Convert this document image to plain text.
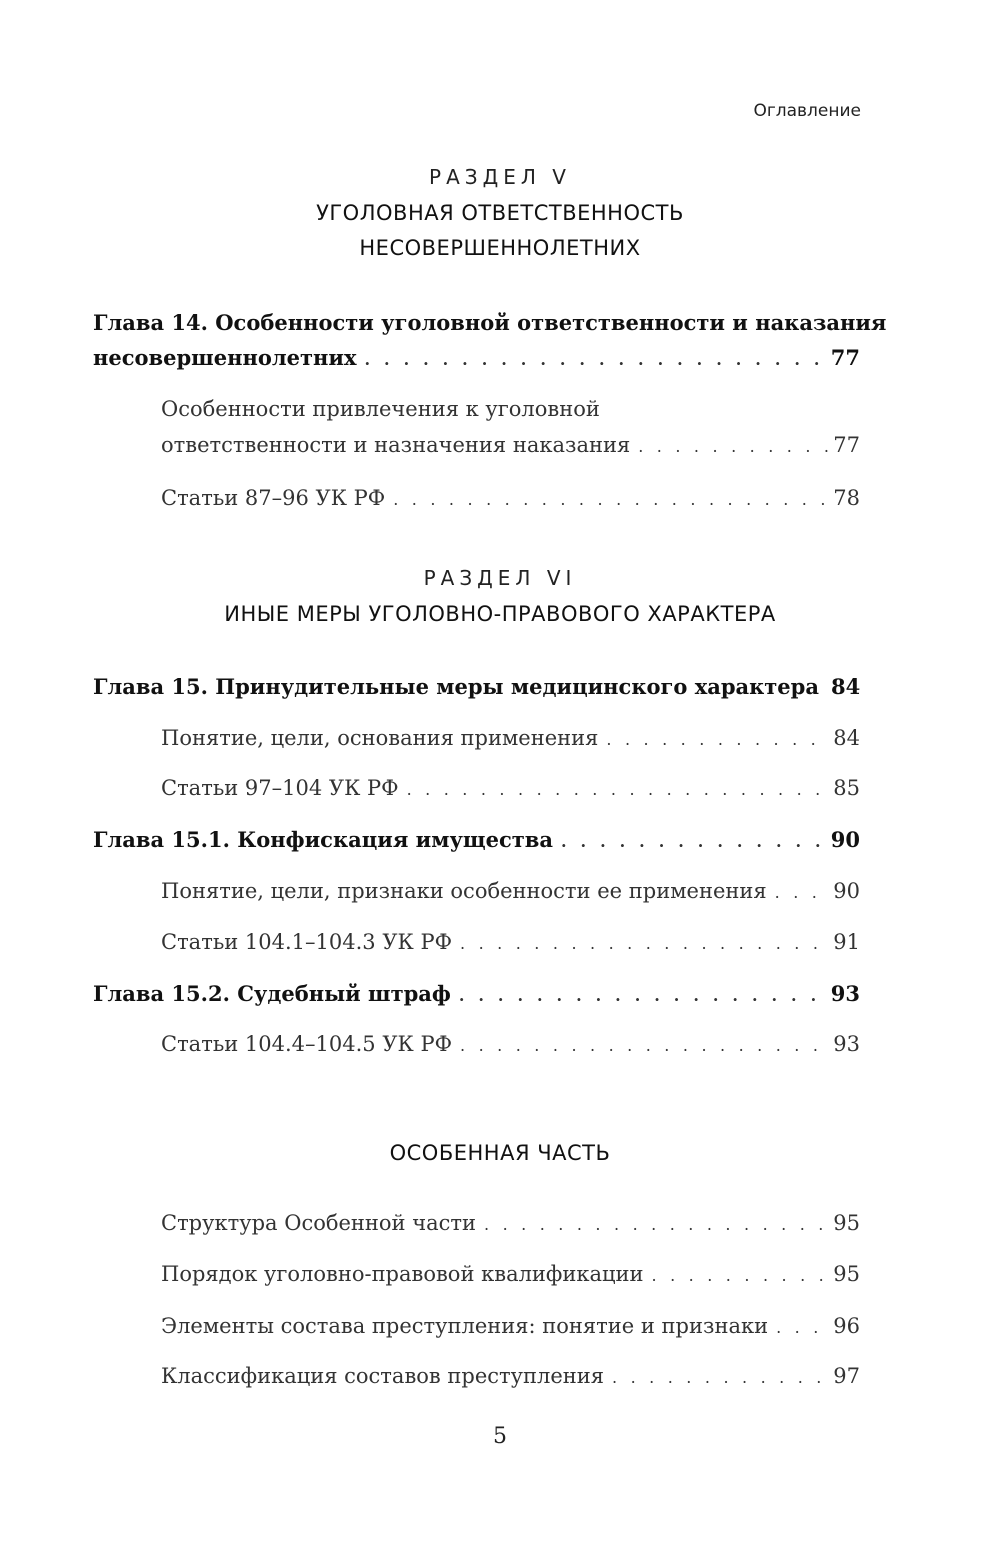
Оглавление
РАЗДЕЛ V
УГОЛОВНАЯ ОТВЕТСТВЕННОСТЬ
НЕСОВЕРШЕННОЛЕТНИХ
Глава 14. Особенности уголовной ответственности и наказания
несовершеннолетних . . .	77
Особенности привлечения к уголовной
ответственности и назначения наказания . . .	77
Статьи 87–96 УК РФ . . .	78
РАЗДЕЛ VI
ИНЫЕ МЕРЫ УГОЛОВНО-ПРАВОВОГО ХАРАКТЕРА
Глава 15. Принудительные меры медицинского характера 84
Понятие, цели, основания применения . . .	84
Статьи 97–104 УК РФ . . .	85
Глава 15.1. Конфискация имущества . . .	90
Понятие, цели, признаки особенности ее применения . . .	90
Статьи 104.1–104.3 УК РФ . . .	91
Глава 15.2. Судебный штраф . . .	93
Статьи 104.4–104.5 УК РФ . . .	93
ОСОБЕННАЯ ЧАСТЬ
Структура Особенной части . . .	95
Порядок уголовно-правовой квалификации . . .	95
Элементы состава преступления: понятие и признаки . . .	96
Классификация составов преступления . . .	97
5
